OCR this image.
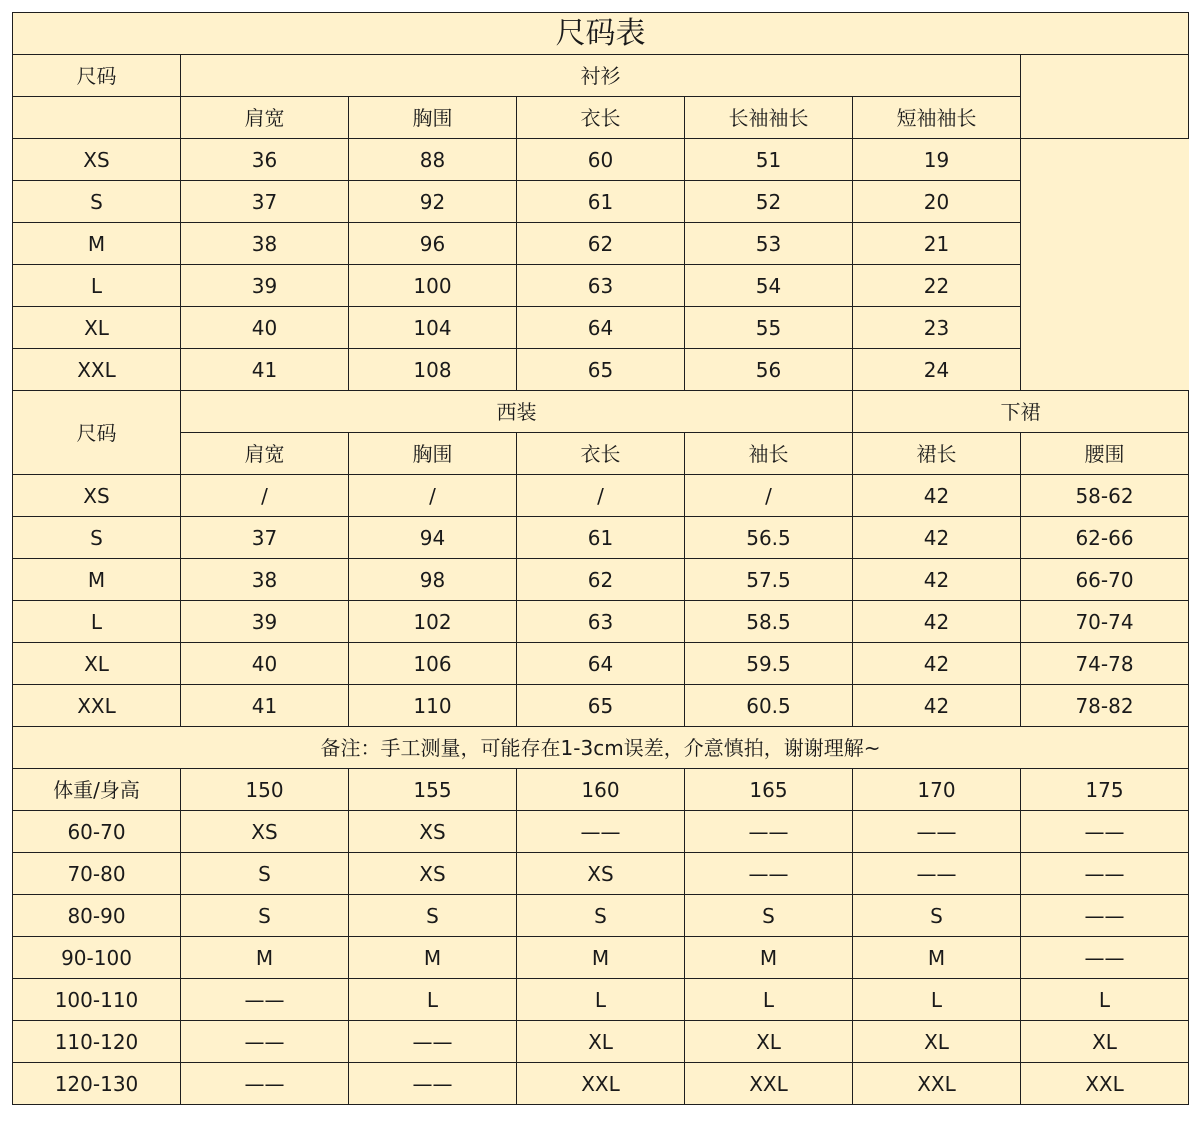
尺码表						
尺码	衬衫					
	肩宽	胸围	衣长	长袖袖长	短袖袖长	
XS	36	88	60	51	19	
S	37	92	61	52	20	
M	38	96	62	53	21	
L	39	100	63	54	22	
XL	40	104	64	55	23	
XXL	41	108	65	56	24	
尺码	西装				下裙	
	肩宽	胸围	衣长	袖长	裙长	腰围
XS	/	/	/	/	42	58-62
S	37	94	61	56.5	42	62-66
M	38	98	62	57.5	42	66-70
L	39	102	63	58.5	42	70-74
XL	40	106	64	59.5	42	74-78
XXL	41	110	65	60.5	42	78-82
备注：手工测量，可能存在1-3cm误差，介意慎拍，谢谢理解~						
体重/身高	150	155	160	165	170	175
60-70	XS	XS	——	——	——	——
70-80	S	XS	XS	——	——	——
80-90	S	S	S	S	S	——
90-100	M	M	M	M	M	——
100-110	——	L	L	L	L	L
110-120	——	——	XL	XL	XL	XL
120-130	——	——	XXL	XXL	XXL	XXL
